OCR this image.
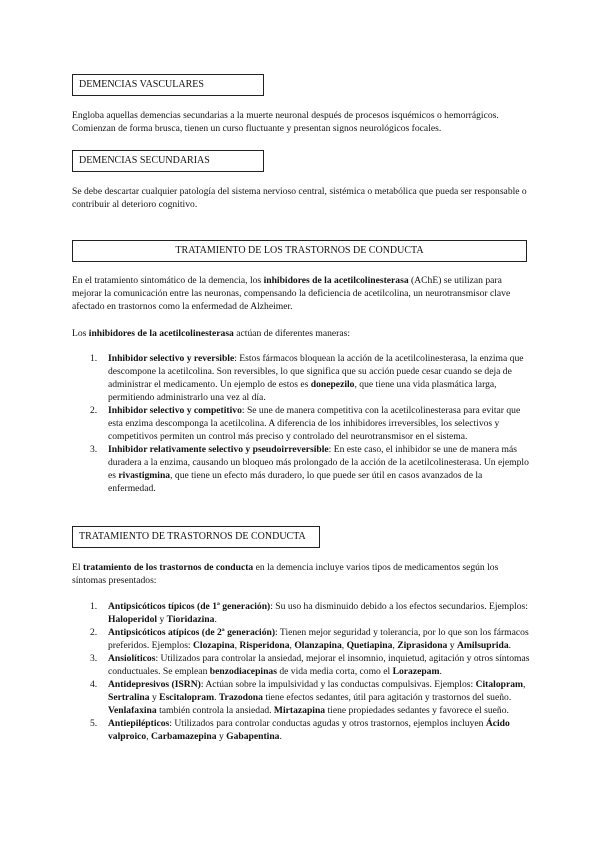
DEMENCIAS VASCULARES

Engloba aquellas demencias secundarias a la muerte neuronal después de procesos isquémicos o hemorrágicos. Comienzan de forma brusca, tienen un curso fluctuante y presentan signos neurológicos focales.

DEMENCIAS SECUNDARIAS

Se debe descartar cualquier patología del sistema nervioso central, sistémica o metabólica que pueda ser responsable o contribuir al deterioro cognitivo.

TRATAMIENTO DE LOS TRASTORNOS DE CONDUCTA

En el tratamiento sintomático de la demencia, los inhibidores de la acetilcolinesterasa (AChE) se utilizan para mejorar la comunicación entre las neuronas, compensando la deficiencia de acetilcolina, un neurotransmisor clave afectado en trastornos como la enfermedad de Alzheimer.

Los inhibidores de la acetilcolinesterasa actúan de diferentes maneras:

1. Inhibidor selectivo y reversible: Estos fármacos bloquean la acción de la acetilcolinesterasa, la enzima que descompone la acetilcolina. Son reversibles, lo que significa que su acción puede cesar cuando se deja de administrar el medicamento. Un ejemplo de estos es donepezilo, que tiene una vida plasmática larga, permitiendo administrarlo una vez al día.
2. Inhibidor selectivo y competitivo: Se une de manera competitiva con la acetilcolinesterasa para evitar que esta enzima descomponga la acetilcolina. A diferencia de los inhibidores irreversibles, los selectivos y competitivos permiten un control más preciso y controlado del neurotransmisor en el sistema.
3. Inhibidor relativamente selectivo y pseudoirreversible: En este caso, el inhibidor se une de manera más duradera a la enzima, causando un bloqueo más prolongado de la acción de la acetilcolinesterasa. Un ejemplo es rivastigmina, que tiene un efecto más duradero, lo que puede ser útil en casos avanzados de la enfermedad.
TRATAMIENTO DE TRASTORNOS DE CONDUCTA

El tratamiento de los trastornos de conducta en la demencia incluye varios tipos de medicamentos según los síntomas presentados:

1. Antipsicóticos típicos (de 1ª generación): Su uso ha disminuido debido a los efectos secundarios. Ejemplos: Haloperidol y Tioridazina.
2. Antipsicóticos atípicos (de 2ª generación): Tienen mejor seguridad y tolerancia, por lo que son los fármacos preferidos. Ejemplos: Clozapina, Risperidona, Olanzapina, Quetiapina, Ziprasidona y Amilsuprida.
3. Ansiolíticos: Utilizados para controlar la ansiedad, mejorar el insomnio, inquietud, agitación y otros síntomas conductuales. Se emplean benzodiacepinas de vida media corta, como el Lorazepam.
4. Antidepresivos (ISRN): Actúan sobre la impulsividad y las conductas compulsivas. Ejemplos: Citalopram, Sertralina y Escitalopram. Trazodona tiene efectos sedantes, útil para agitación y trastornos del sueño. Venlafaxina también controla la ansiedad. Mirtazapina tiene propiedades sedantes y favorece el sueño.
5. Antiepilépticos: Utilizados para controlar conductas agudas y otros trastornos, ejemplos incluyen Ácido valproico, Carbamazepina y Gabapentina.
